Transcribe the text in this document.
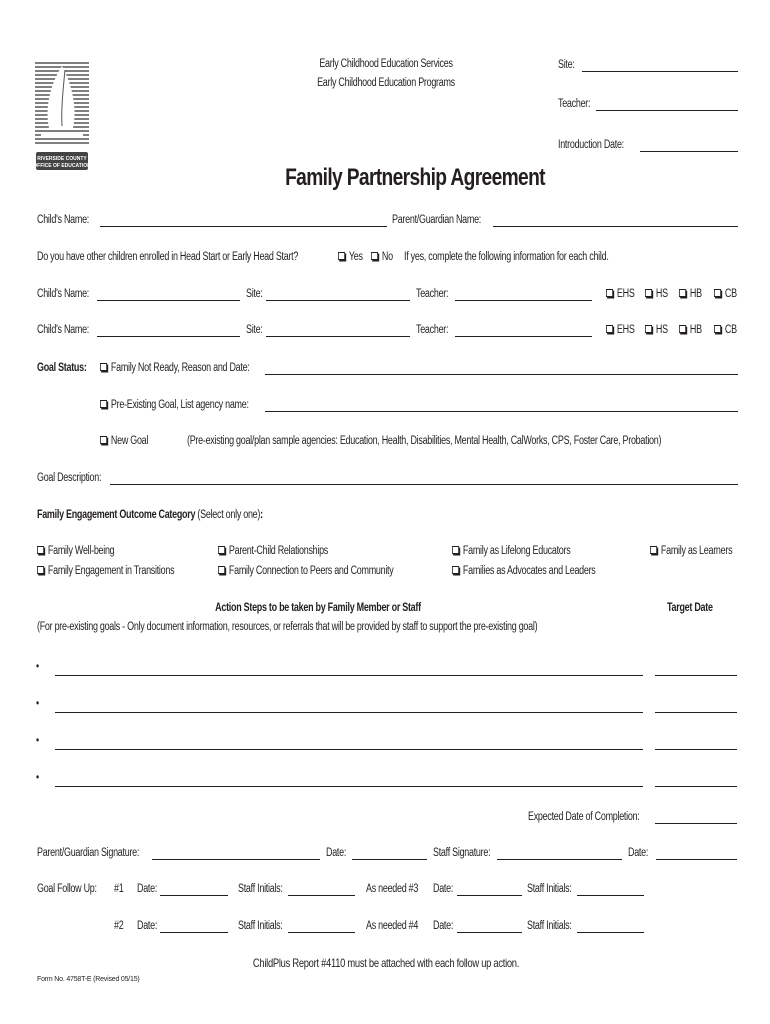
RIVERSIDE COUNTY
OFFICE OF EDUCATION
Early Childhood Education Services
Early Childhood Education Programs
Site:
Teacher:
Introduction Date:
Family Partnership Agreement
Child's Name:	Parent/Guardian Name:
Do you have other children enrolled in Head Start or Early Head Start?	Yes	No If yes, complete the following information for each child.
Child's Name:	Site:	Teacher:	EHS	HS	HB	CB
Child's Name:	Site:	Teacher:	EHS	HS	HB	CB
Goal Status:	Family Not Ready, Reason and Date:
Pre-Existing Goal, List agency name:
New Goal	(Pre-existing goal/plan sample agencies: Education, Health, Disabilities, Mental Health, CalWorks, CPS, Foster Care, Probation)
Goal Description:
Family Engagement Outcome Category (Select only one):
Family Well-being	Parent-Child Relationships	Family as Lifelong Educators	Family as Learners
Family Engagement in Transitions	Family Connection to Peers and Community	Families as Advocates and Leaders
Action Steps to be taken by Family Member or Staff	Target Date
(For pre-existing goals - Only document information, resources, or referrals that will be provided by staff to support the pre-existing goal)
•
•
•
•
Expected Date of Completion:
Parent/Guardian Signature:	Date:	Staff Signature:	Date:
Goal Follow Up: #1 Date:	Staff Initials:	As needed #3 Date:	Staff Initials:
#2 Date:	Staff Initials:	As needed #4 Date:	Staff Initials:
ChildPlus Report #4110 must be attached with each follow up action.
Form No. 4758T-E (Revised 05/15)
